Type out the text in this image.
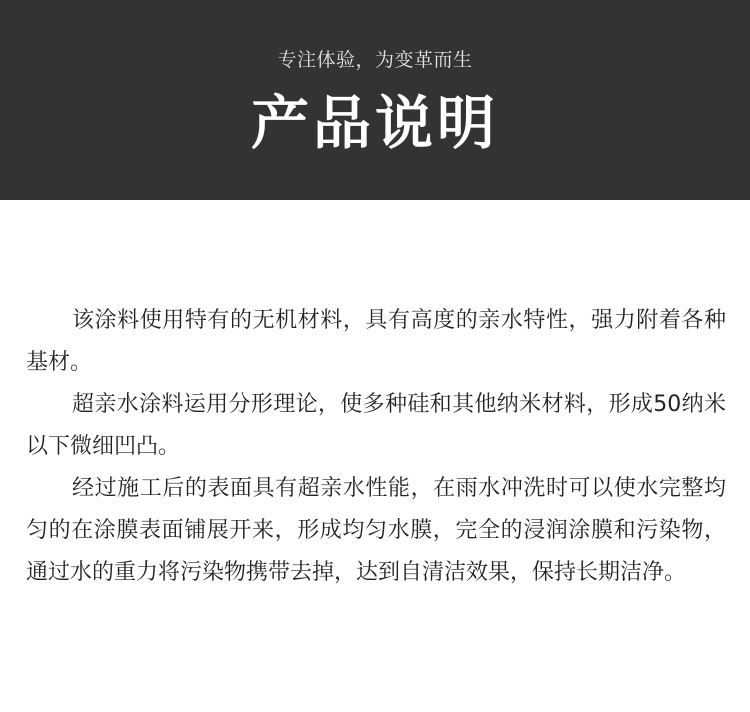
专注体验，为变革而生
产品说明

该涂料使用特有的无机材料，具有高度的亲水特性，强力附着各种基材。

超亲水涂料运用分形理论，使多种硅和其他纳米材料，形成50纳米以下微细凹凸。

经过施工后的表面具有超亲水性能，在雨水冲洗时可以使水完整均匀的在涂膜表面铺展开来，形成均匀水膜，完全的浸润涂膜和污染物，通过水的重力将污染物携带去掉，达到自清洁效果，保持长期洁净。
